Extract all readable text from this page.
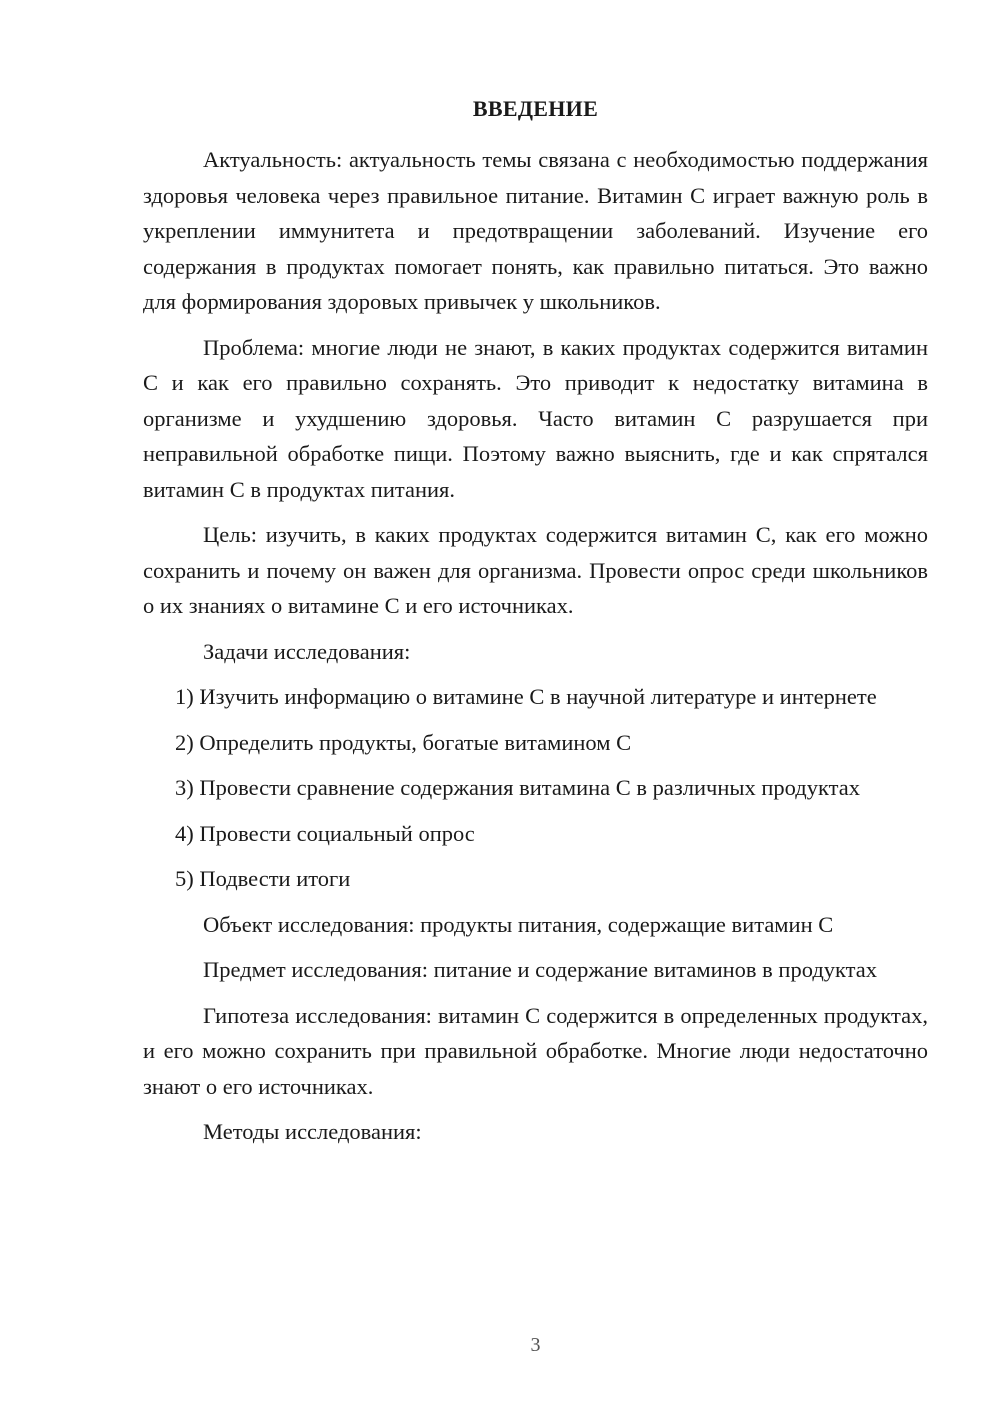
ВВЕДЕНИЕ

Актуальность: актуальность темы связана с необходимостью поддержания здоровья человека через правильное питание. Витамин С играет важную роль в укреплении иммунитета и предотвращении заболеваний. Изучение его содержания в продуктах помогает понять, как правильно питаться. Это важно для формирования здоровых привычек у школьников.

Проблема: многие люди не знают, в каких продуктах содержится витамин С и как его правильно сохранять. Это приводит к недостатку витамина в организме и ухудшению здоровья. Часто витамин С разрушается при неправильной обработке пищи. Поэтому важно выяснить, где и как спрятался витамин С в продуктах питания.

Цель: изучить, в каких продуктах содержится витамин С, как его можно сохранить и почему он важен для организма. Провести опрос среди школьников о их знаниях о витамине С и его источниках.

Задачи исследования:

1) Изучить информацию о витамине С в научной литературе и интернете

2) Определить продукты, богатые витамином С

3) Провести сравнение содержания витамина С в различных продуктах

4) Провести социальный опрос

5) Подвести итоги

Объект исследования: продукты питания, содержащие витамин С

Предмет исследования: питание и содержание витаминов в продуктах

Гипотеза исследования: витамин С содержится в определенных продуктах, и его можно сохранить при правильной обработке. Многие люди недостаточно знают о его источниках.

Методы исследования:

3
